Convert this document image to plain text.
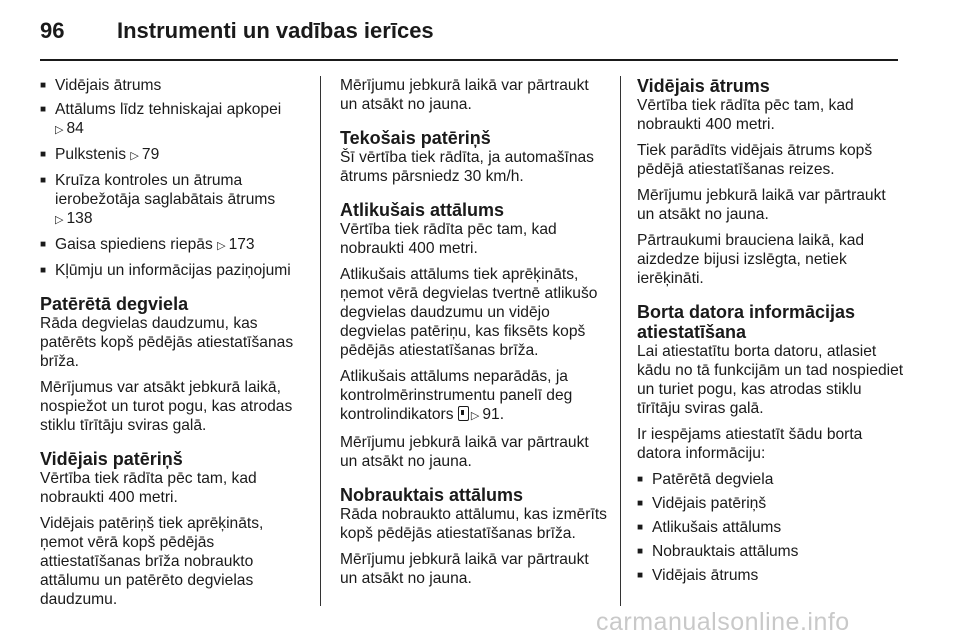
96 Instrumenti un vadības ierīces
■ Vidējais ātrums
■ Attālums līdz tehniskajai apkopei
▷ 84
■ Pulkstenis ▷ 79
■ Kruīza kontroles un ātruma ierobežotāja saglabātais ātrums
▷ 138
■ Gaisa spiediens riepās ▷ 173
■ Kļūmju un informācijas paziņojumi
Patērētā degviela

Rāda degvielas daudzumu, kas patērēts kopš pēdējās atiestatīšanas brīža.

Mērījumus var atsākt jebkurā laikā, nospiežot un turot pogu, kas atrodas stiklu tīrītāju sviras galā.

Vidējais patēriņš

Vērtība tiek rādīta pēc tam, kad nobraukti 400 metri.

Vidējais patēriņš tiek aprēķināts, ņemot vērā kopš pēdējās attiestatīšanas brīža nobraukto attālumu un patērēto degvielas daudzumu.

Mērījumu jebkurā laikā var pārtraukt un atsākt no jauna.

Tekošais patēriņš

Šī vērtība tiek rādīta, ja automašīnas ātrums pārsniedz 30 km/h.

Atlikušais attālums

Vērtība tiek rādīta pēc tam, kad nobraukti 400 metri.

Atlikušais attālums tiek aprēķināts, ņemot vērā degvielas tvertnē atlikušo degvielas daudzumu un vidējo degvielas patēriņu, kas fiksēts kopš pēdējās atiestatīšanas brīža.

Atlikušais attālums neparādās, ja kontrolmērinstrumentu panelī deg kontrolindikators ▷ 91.

Mērījumu jebkurā laikā var pārtraukt un atsākt no jauna.

Nobrauktais attālums

Rāda nobraukto attālumu, kas izmērīts kopš pēdējās atiestatīšanas brīža.

Mērījumu jebkurā laikā var pārtraukt un atsākt no jauna.

Vidējais ātrums

Vērtība tiek rādīta pēc tam, kad nobraukti 400 metri.

Tiek parādīts vidējais ātrums kopš pēdējā atiestatīšanas reizes.

Mērījumu jebkurā laikā var pārtraukt un atsākt no jauna.

Pārtraukumi brauciena laikā, kad aizdedze bijusi izslēgta, netiek ierēķināti.

Borta datora informācijas atiestatīšana

Lai atiestatītu borta datoru, atlasiet kādu no tā funkcijām un tad nospiediet un turiet pogu, kas atrodas stiklu tīrītāju sviras galā.

Ir iespējams atiestatīt šādu borta datora informāciju:

■ Patērētā degviela
■ Vidējais patēriņš
■ Atlikušais attālums
■ Nobrauktais attālums
■ Vidējais ātrums
carmanualsonline.info
